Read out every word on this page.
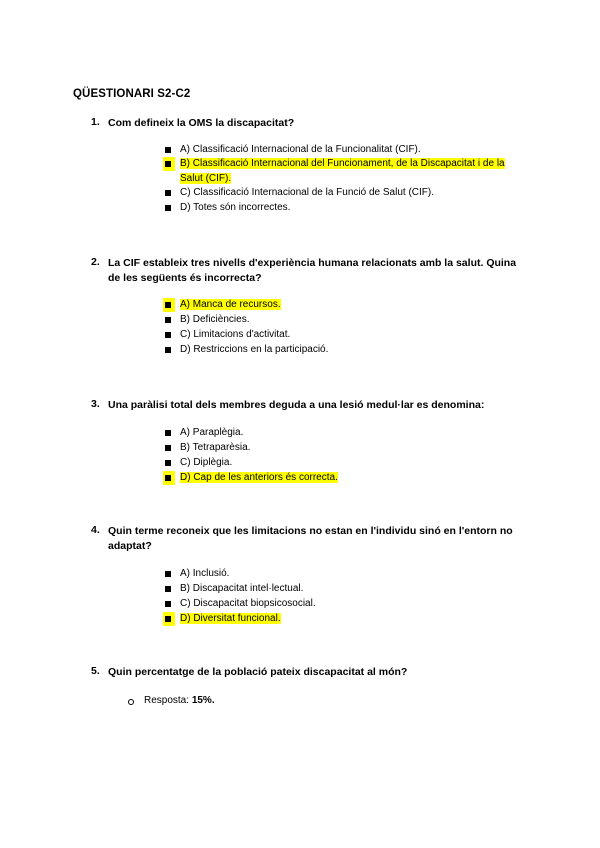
QÜESTIONARI S2-C2
1. Com defineix la OMS la discapacitat?
A) Classificació Internacional de la Funcionalitat (CIF).
B) Classificació Internacional del Funcionament, de la Discapacitat i de la Salut (CIF).
C) Classificació Internacional de la Funció de Salut (CIF).
D) Totes són incorrectes.
2. La CIF estableix tres nivells d'experiència humana relacionats amb la salut. Quina de les següents és incorrecta?
A) Manca de recursos.
B) Deficiències.
C) Limitacions d'activitat.
D) Restriccions en la participació.
3. Una paràlisi total dels membres deguda a una lesió medul·lar es denomina:
A) Paraplègia.
B) Tetraparèsia.
C) Diplègia.
D) Cap de les anteriors és correcta.
4. Quin terme reconeix que les limitacions no estan en l'individu sinó en l'entorn no adaptat?
A) Inclusió.
B) Discapacitat intel·lectual.
C) Discapacitat biopsicosocial.
D) Diversitat funcional.
5. Quin percentatge de la població pateix discapacitat al món?
Resposta: 15%.
